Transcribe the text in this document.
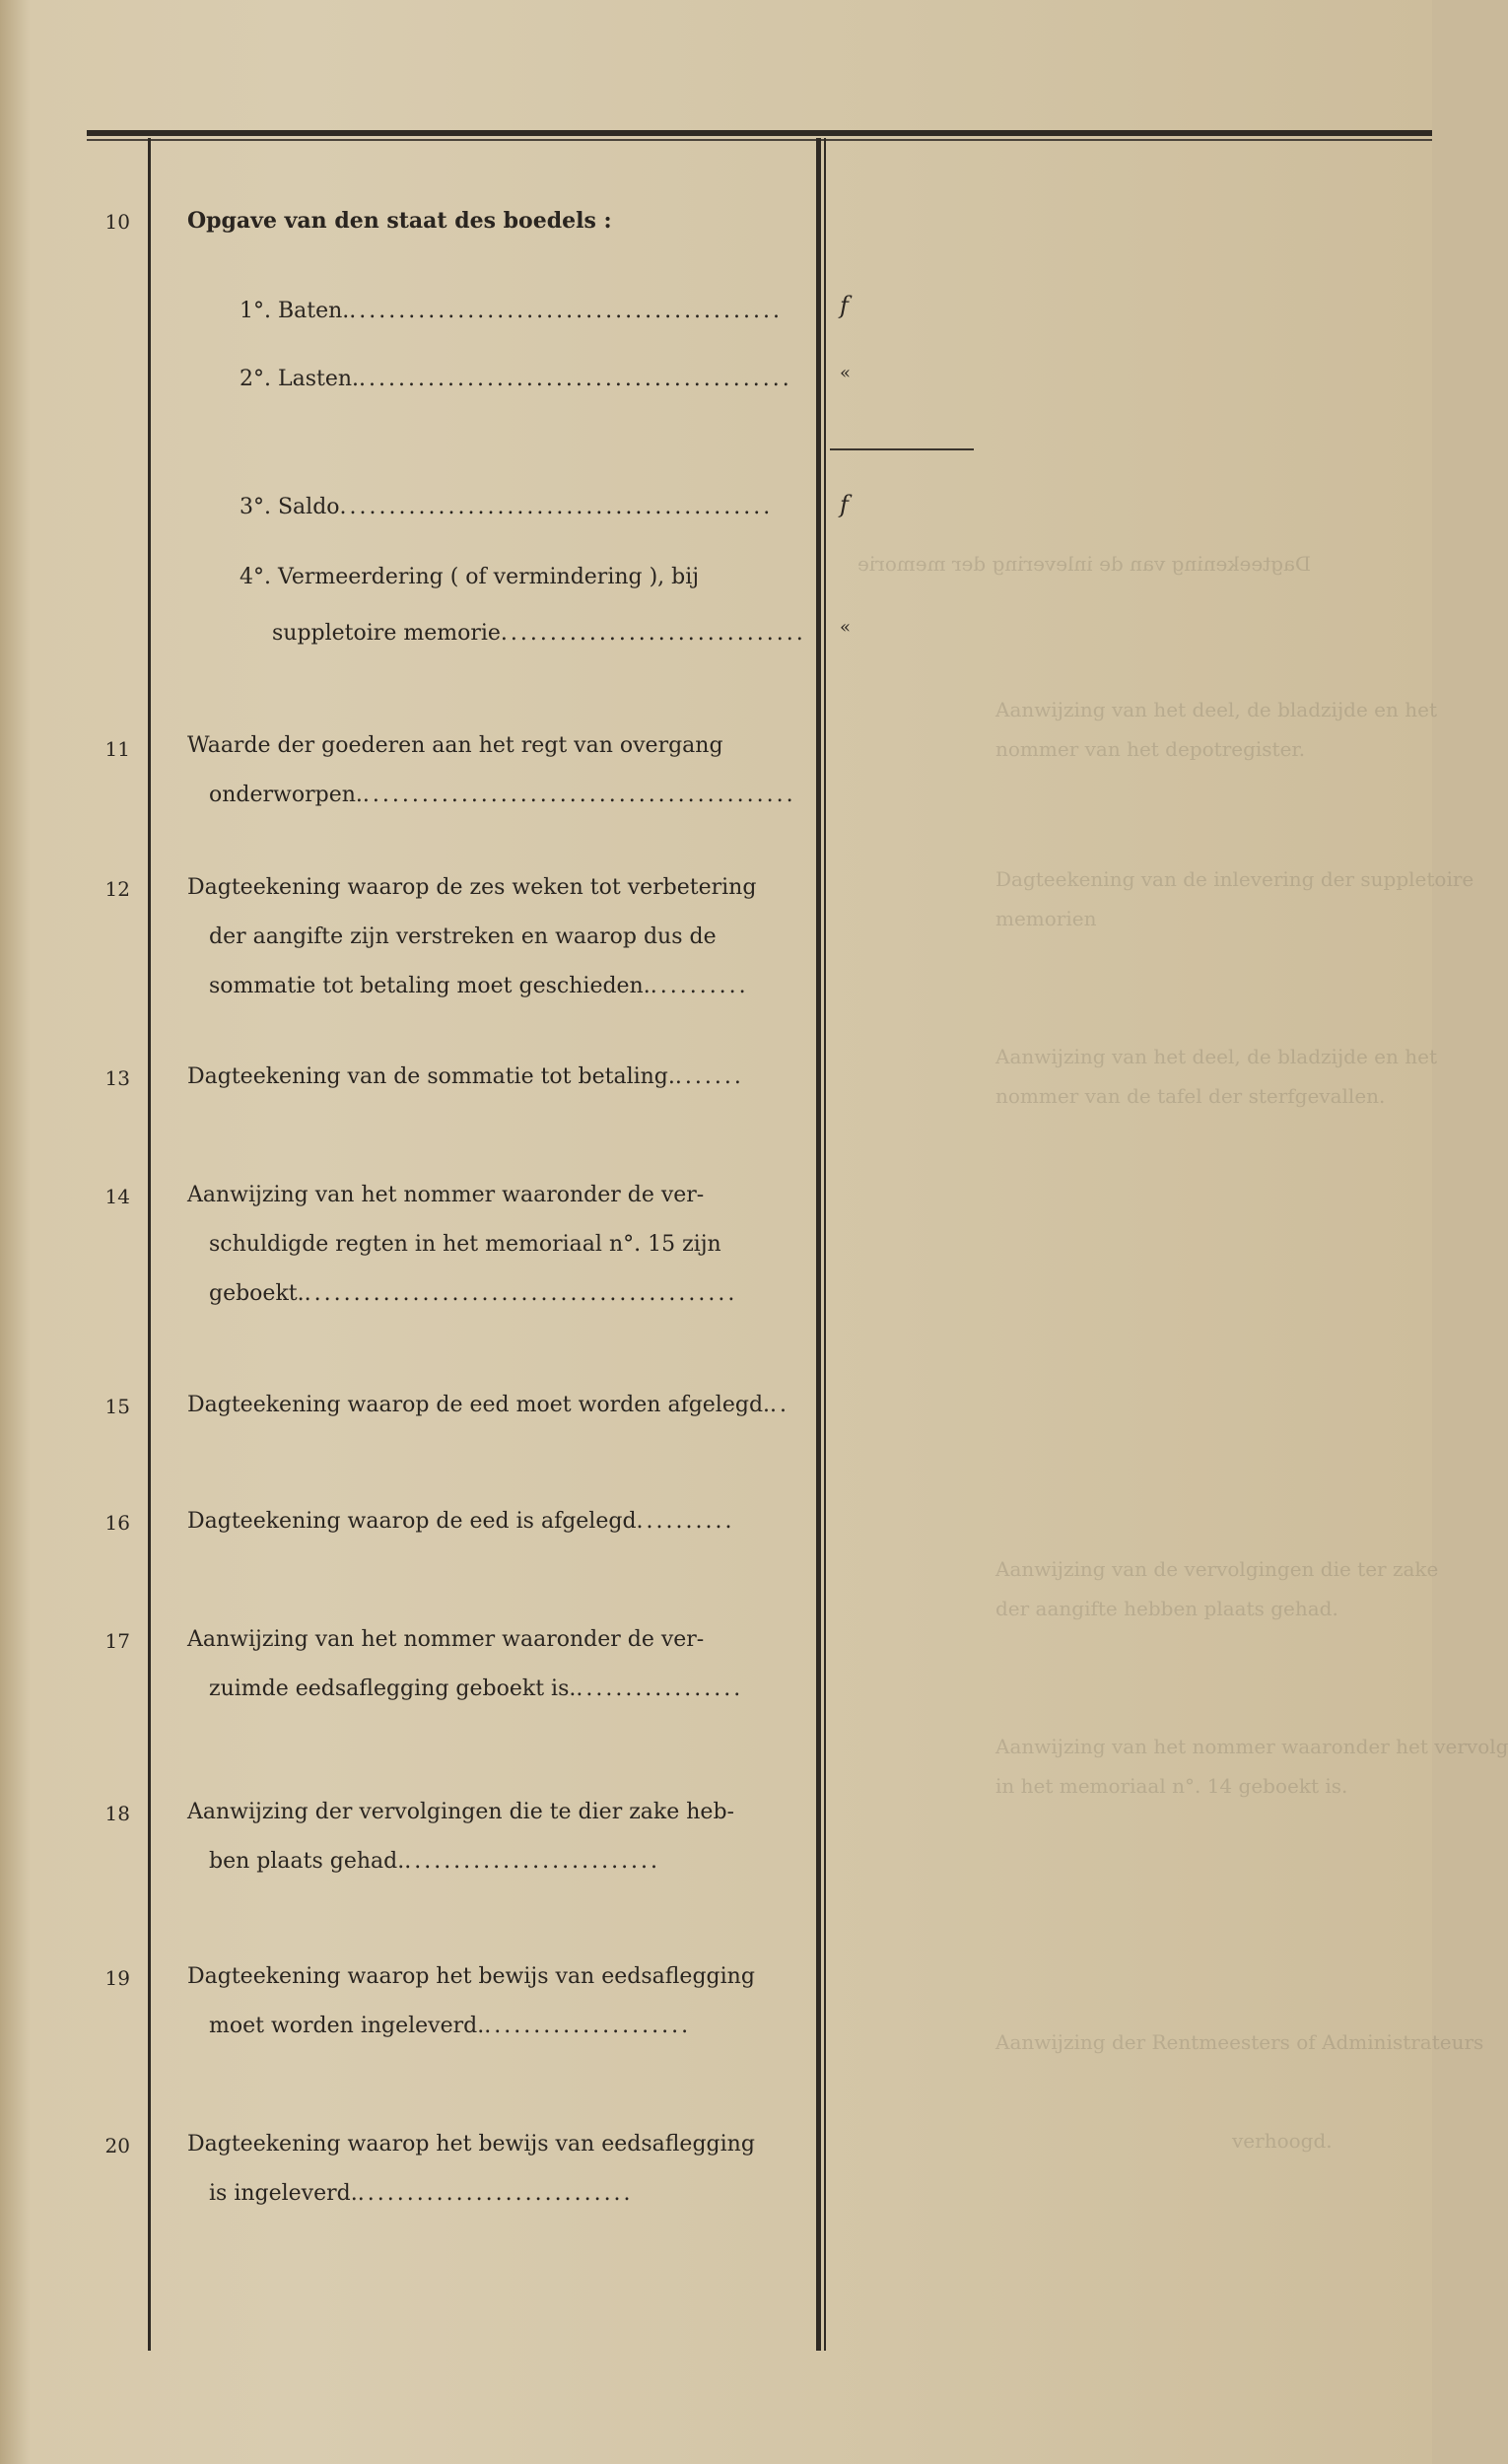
Dagteekening van de inlevering der memorie
Aanwijzing van het deel, de bladzijde en het
nommer van het depotregister.
Dagteekening van de inlevering der suppletoire
memorien
Aanwijzing van het deel, de bladzijde en het
nommer van de tafel der sterfgevallen.
Aanwijzing van de vervolgingen die ter zake
der aangifte hebben plaats gehad.
Aanwijzing van het nommer waaronder het vervolg
in het memoriaal n°. 14 geboekt is.
Aanwijzing der Rentmeesters of Administrateurs
verhoogd.
10	Opgave van den staat des boedels :
1°. Baten............................................. f
2°. Lasten.............................................	«
3°. Saldo............................................	f
4°. Vermeerdering ( of vermindering ), bij
suppletoire memorie............................... «
11	Waarde der goederen aan het regt van overgang
onderworpen.............................................
12	Dagteekening waarop de zes weken tot verbetering
der aangifte zijn verstreken en waarop dus de
sommatie tot betaling moet geschieden...........
13	Dagteekening van de sommatie tot betaling........
14	Aanwijzing van het nommer waaronder de ver-
schuldigde regten in het memoriaal n°. 15 zijn
geboekt.............................................
15	Dagteekening waarop de eed moet worden afgelegd...
16	Dagteekening waarop de eed is afgelegd..........
17	Aanwijzing van het nommer waaronder de ver-
zuimde eedsaflegging geboekt is..................
18	Aanwijzing der vervolgingen die te dier zake heb-
ben plaats gehad...........................
19	Dagteekening waarop het bewijs van eedsaflegging
moet worden ingeleverd......................
20	Dagteekening waarop het bewijs van eedsaflegging
is ingeleverd.............................
